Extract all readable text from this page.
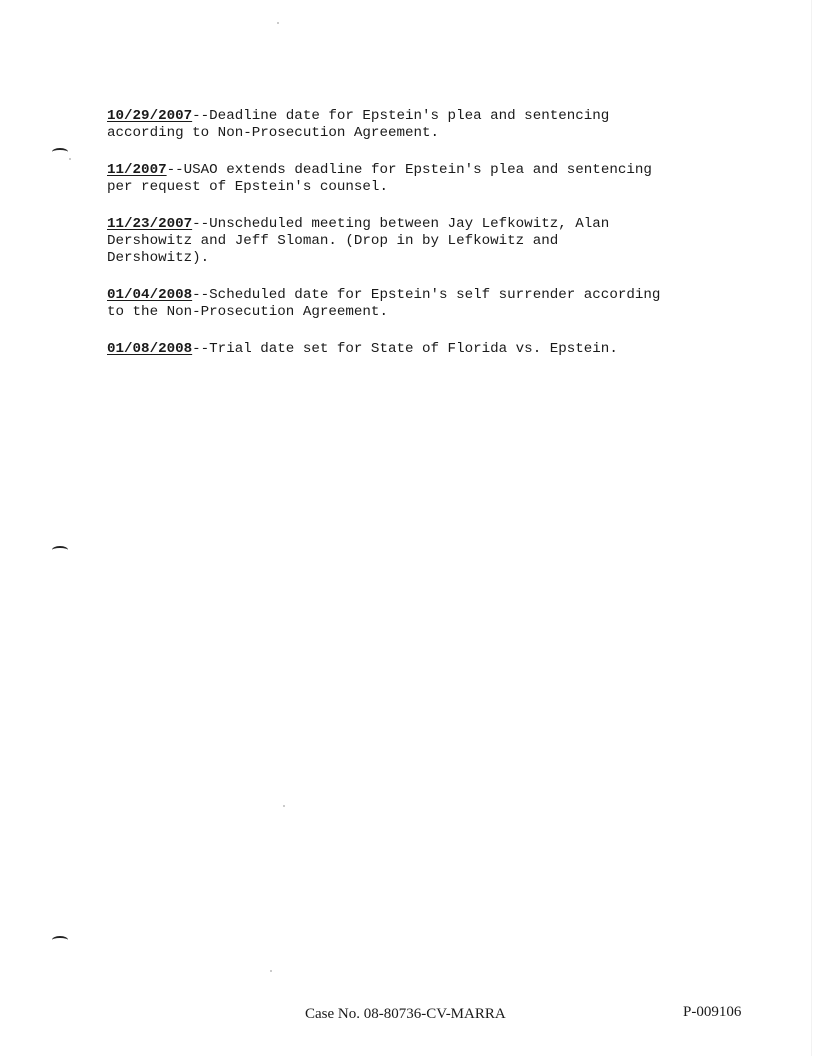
10/29/2007--Deadline date for Epstein's plea and sentencing
according to Non-Prosecution Agreement.

11/2007--USAO extends deadline for Epstein's plea and sentencing
per request of Epstein's counsel.

11/23/2007--Unscheduled meeting between Jay Lefkowitz, Alan
Dershowitz and Jeff Sloman. (Drop in by Lefkowitz and
Dershowitz).

01/04/2008--Scheduled date for Epstein's self surrender according
to the Non-Prosecution Agreement.

01/08/2008--Trial date set for State of Florida vs. Epstein.

Case No. 08-80736-CV-MARRA	P-009106
